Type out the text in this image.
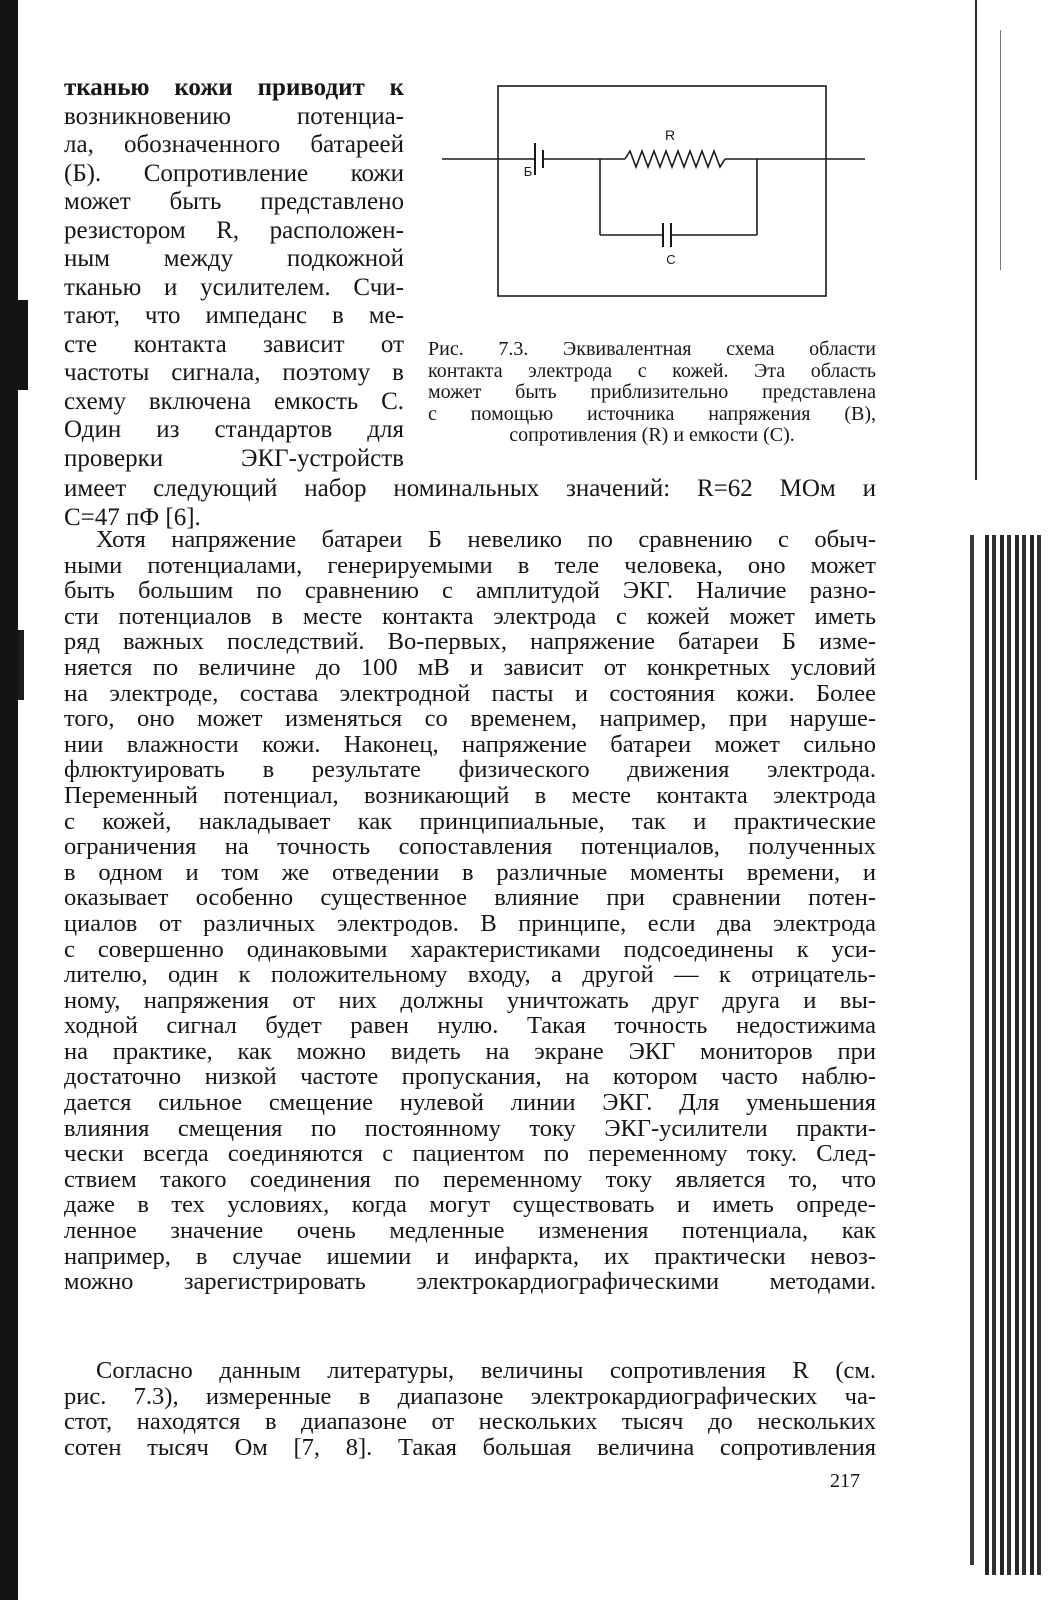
тканью кожи приводит к
возникновению потенциа-
ла, обозначенного батареей
(Б). Сопротивление кожи
может быть представлено
резистором R, расположен-
ным между подкожной
тканью и усилителем. Счи-
тают, что импеданс в ме-
сте контакта зависит от
частоты сигнала, поэтому в
схему включена емкость С.
Один из стандартов для
проверки ЭКГ-устройств
R
Б
C
Рис. 7.3. Эквивалентная схема области
контакта электрода с кожей. Эта область
может быть приблизительно представлена
с помощью источника напряжения (В),
сопротивления (R) и емкости (С).
имеет следующий набор номинальных значений: R=62 МОм и
С=47 пФ [6].
Хотя напряжение батареи Б невелико по сравнению с обыч-
ными потенциалами, генерируемыми в теле человека, оно может
быть большим по сравнению с амплитудой ЭКГ. Наличие разно-
сти потенциалов в месте контакта электрода с кожей может иметь
ряд важных последствий. Во-первых, напряжение батареи Б изме-
няется по величине до 100 мВ и зависит от конкретных условий
на электроде, состава электродной пасты и состояния кожи. Более
того, оно может изменяться со временем, например, при наруше-
нии влажности кожи. Наконец, напряжение батареи может сильно
флюктуировать в результате физического движения электрода.
Переменный потенциал, возникающий в месте контакта электрода
с кожей, накладывает как принципиальные, так и практические
ограничения на точность сопоставления потенциалов, полученных
в одном и том же отведении в различные моменты времени, и
оказывает особенно существенное влияние при сравнении потен-
циалов от различных электродов. В принципе, если два электрода
с совершенно одинаковыми характеристиками подсоединены к уси-
лителю, один к положительному входу, а другой — к отрицатель-
ному, напряжения от них должны уничтожать друг друга и вы-
ходной сигнал будет равен нулю. Такая точность недостижима
на практике, как можно видеть на экране ЭКГ мониторов при
достаточно низкой частоте пропускания, на котором часто наблю-
дается сильное смещение нулевой линии ЭКГ. Для уменьшения
влияния смещения по постоянному току ЭКГ-усилители практи-
чески всегда соединяются с пациентом по переменному току. След-
ствием такого соединения по переменному току является то, что
даже в тех условиях, когда могут существовать и иметь опреде-
ленное значение очень медленные изменения потенциала, как
например, в случае ишемии и инфаркта, их практически невоз-
можно зарегистрировать электрокардиографическими методами.
Согласно данным литературы, величины сопротивления R (см.
рис. 7.3), измеренные в диапазоне электрокардиографических ча-
стот, находятся в диапазоне от нескольких тысяч до нескольких
сотен тысяч Ом [7, 8]. Такая большая величина сопротивления
217
